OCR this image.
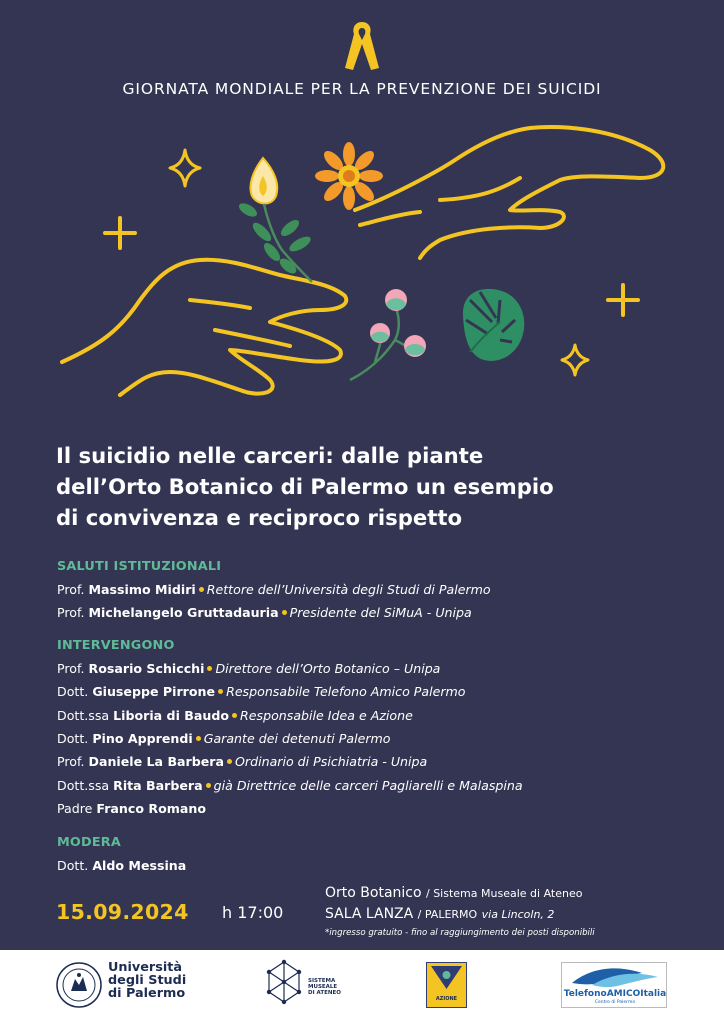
GIORNATA MONDIALE PER LA PREVENZIONE DEI SUICIDI
Il suicidio nelle carceri: dalle piante
dell’Orto Botanico di Palermo un esempio
di convivenza e reciproco rispetto
SALUTI ISTITUZIONALI
Prof. Massimo Midiri Rettore dell’Università degli Studi di Palermo
Prof. Michelangelo Gruttadauria Presidente del SiMuA - Unipa
INTERVENGONO
Prof. Rosario Schicchi Direttore dell’Orto Botanico – Unipa
Dott. Giuseppe Pirrone Responsabile Telefono Amico Palermo
Dott.ssa Liboria di Baudo Responsabile Idea e Azione
Dott. Pino Apprendi Garante dei detenuti Palermo
Prof. Daniele La Barbera Ordinario di Psichiatria - Unipa
Dott.ssa Rita Barbera già Direttrice delle carceri Pagliarelli e Malaspina
Padre Franco Romano
MODERA
Dott. Aldo Messina
15.09.2024 h 17:00
Orto Botanico / Sistema Museale di Ateneo
SALA LANZA / PALERMO via Lincoln, 2
*ingresso gratuito - fino al raggiungimento dei posti disponibili
Università
degli Studi
di Palermo
SISTEMA
MUSEALE
DI ATENEO
AZIONE	TelefonoAMICOItalia
Centro di Palermo
